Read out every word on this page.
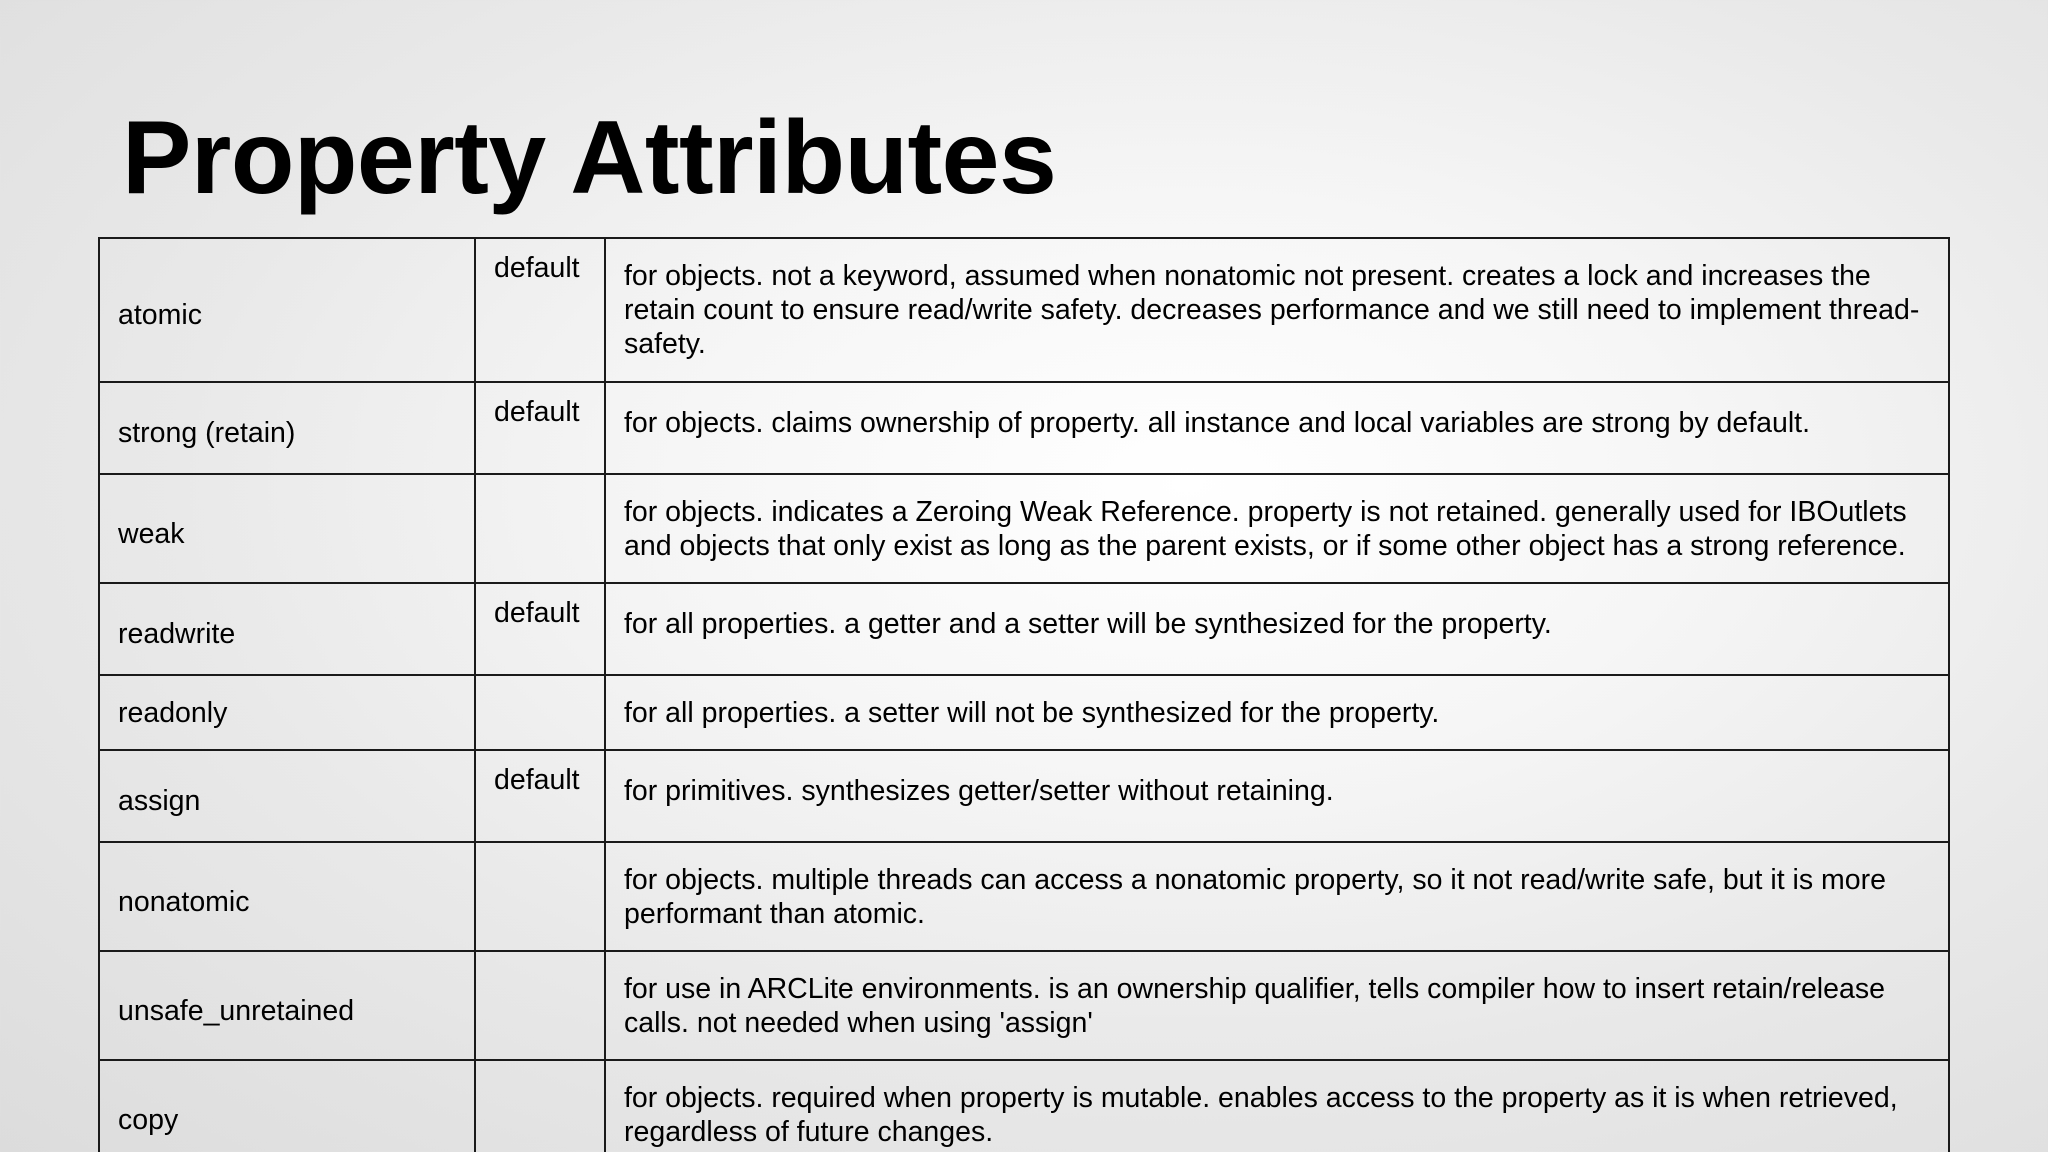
Property Attributes
atomic	default	for objects. not a keyword, assumed when nonatomic not present. creates a lock and increases the retain count to ensure read/write safety. decreases performance and we still need to implement thread-safety.

strong (retain)	default	for objects. claims ownership of property. all instance and local variables are strong by default.

weak		for objects. indicates a Zeroing Weak Reference. property is not retained. generally used for IBOutlets and objects that only exist as long as the parent exists, or if some other object has a strong reference.

readwrite	default	for all properties. a getter and a setter will be synthesized for the property.

readonly		for all properties. a setter will not be synthesized for the property.

assign	default	for primitives. synthesizes getter/setter without retaining.

nonatomic		for objects. multiple threads can access a nonatomic property, so it not read/write safe, but it is more performant than atomic.

unsafe_unretained		for use in ARCLite environments. is an ownership qualifier, tells compiler how to insert retain/release calls. not needed when using 'assign'

copy		for objects. required when property is mutable. enables access to the property as it is when retrieved, regardless of future changes.
